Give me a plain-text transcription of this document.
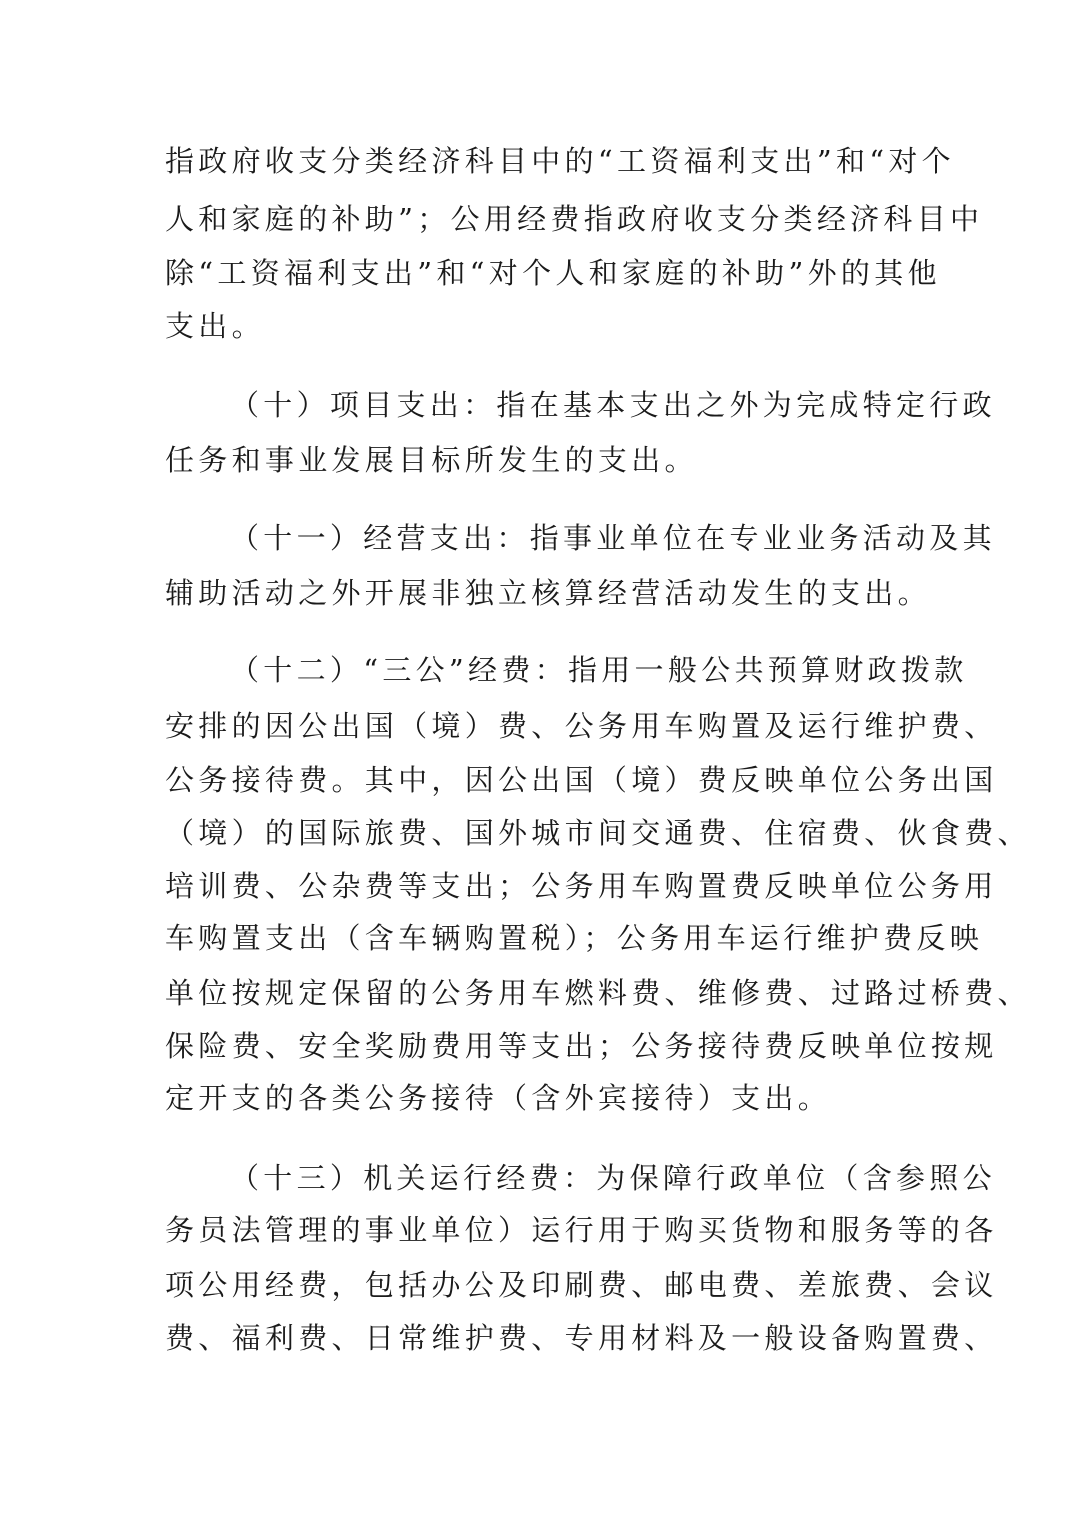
指政府收支分类经济科目中的“工资福利支出”和“对个
人和家庭的补助”；公用经费指政府收支分类经济科目中
除“工资福利支出”和“对个人和家庭的补助”外的其他
支出。
（十）项目支出：指在基本支出之外为完成特定行政
任务和事业发展目标所发生的支出。
（十一）经营支出：指事业单位在专业业务活动及其
辅助活动之外开展非独立核算经营活动发生的支出。
（十二）“三公”经费：指用一般公共预算财政拨款
安排的因公出国（境）费、公务用车购置及运行维护费、
公务接待费。其中，因公出国（境）费反映单位公务出国
（境）的国际旅费、国外城市间交通费、住宿费、伙食费、
培训费、公杂费等支出；公务用车购置费反映单位公务用
车购置支出（含车辆购置税）；公务用车运行维护费反映
单位按规定保留的公务用车燃料费、维修费、过路过桥费、
保险费、安全奖励费用等支出；公务接待费反映单位按规
定开支的各类公务接待（含外宾接待）支出。
（十三）机关运行经费：为保障行政单位（含参照公
务员法管理的事业单位）运行用于购买货物和服务等的各
项公用经费，包括办公及印刷费、邮电费、差旅费、会议
费、福利费、日常维护费、专用材料及一般设备购置费、
